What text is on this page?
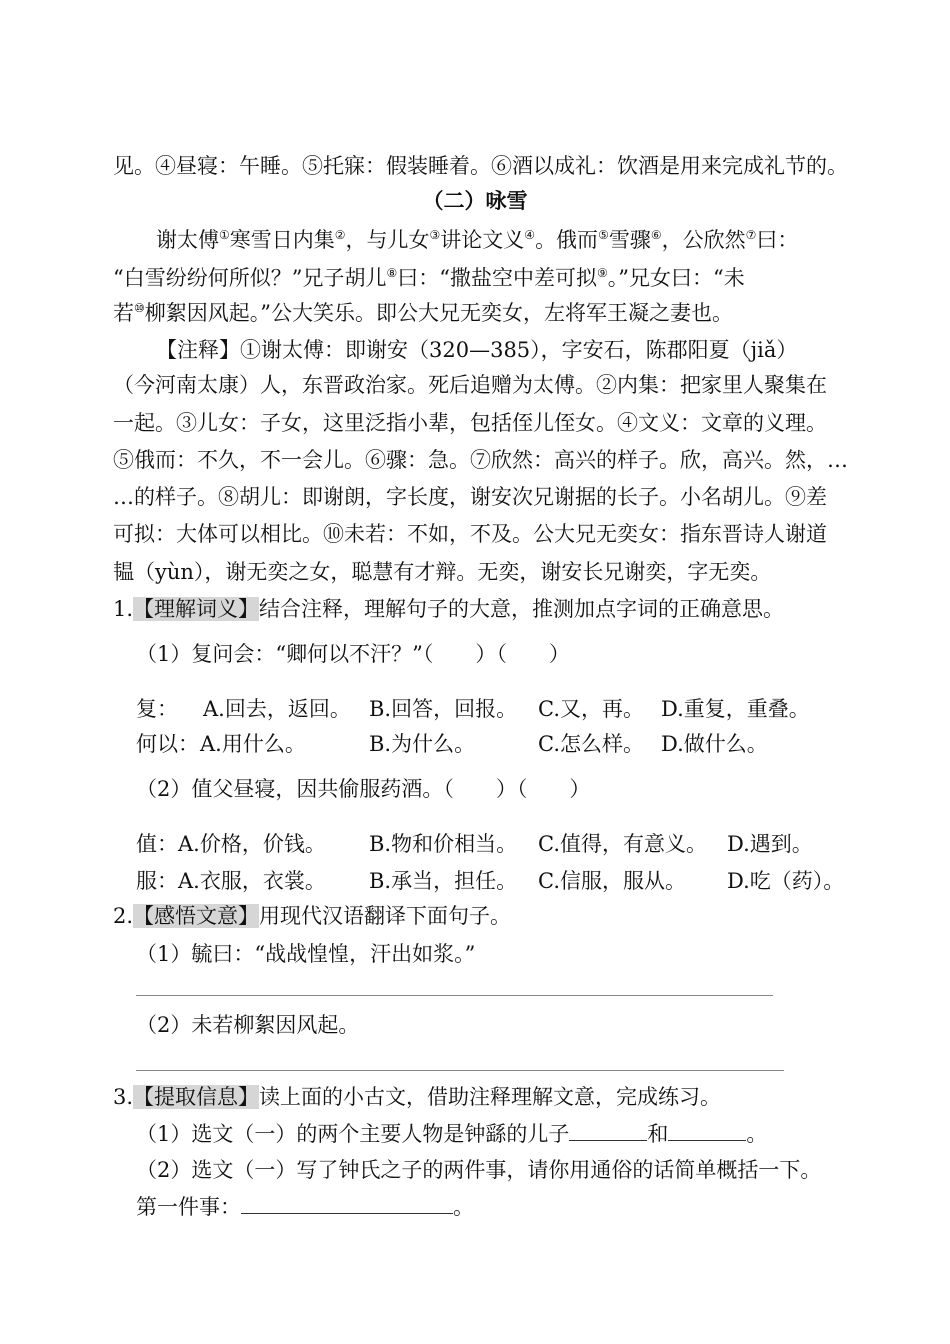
见。④昼寝：午睡。⑤托寐：假装睡着。⑥酒以成礼：饮酒是用来完成礼节的。
（二）咏雪
谢太傅①寒雪日内集②，与儿女③讲论文义④。俄而⑤雪骤⑥，公欣然⑦曰：
“白雪纷纷何所似？”兄子胡儿⑧曰：“撒盐空中差可拟⑨。”兄女曰：“未
若⑩柳絮因风起。”公大笑乐。即公大兄无奕女，左将军王凝之妻也。
【注释】①谢太傅：即谢安（320—385），字安石，陈郡阳夏（jiǎ）
（今河南太康）人，东晋政治家。死后追赠为太傅。②内集：把家里人聚集在
一起。③儿女：子女，这里泛指小辈，包括侄儿侄女。④文义：文章的义理。
⑤俄而：不久，不一会儿。⑥骤：急。⑦欣然：高兴的样子。欣，高兴。然，…
…的样子。⑧胡儿：即谢朗，字长度，谢安次兄谢据的长子。小名胡儿。⑨差
可拟：大体可以相比。⑩未若：不如，不及。公大兄无奕女：指东晋诗人谢道
韫（yùn），谢无奕之女，聪慧有才辩。无奕，谢安长兄谢奕，字无奕。
1.【理解词义】结合注释，理解句子的大意，推测加点字词的正确意思。
（1）复问会：“卿何以不汗？”（　　）（　　）
复： A.回去，返回。 B.回答，回报。 C.又，再。 D.重复，重叠。
何以： A.用什么。	B.为什么。	C.怎么样。 D.做什么。
（2）值父昼寝，因共偷服药酒。（　　）（　　）
值： A.价格，价钱。 B.物和价相当。 C.值得，有意义。 D.遇到。
服： A.衣服，衣裳。 B.承当，担任。 C.信服，服从。 D.吃（药）。
2.【感悟文意】用现代汉语翻译下面句子。
（1）毓曰：“战战惶惶，汗出如浆。”
（2）未若柳絮因风起。
3.【提取信息】读上面的小古文，借助注释理解文意，完成练习。
（1）选文（一）的两个主要人物是钟繇的儿子	和	。
（2）选文（一）写了钟氏之子的两件事，请你用通俗的话简单概括一下。
第一件事：	。
